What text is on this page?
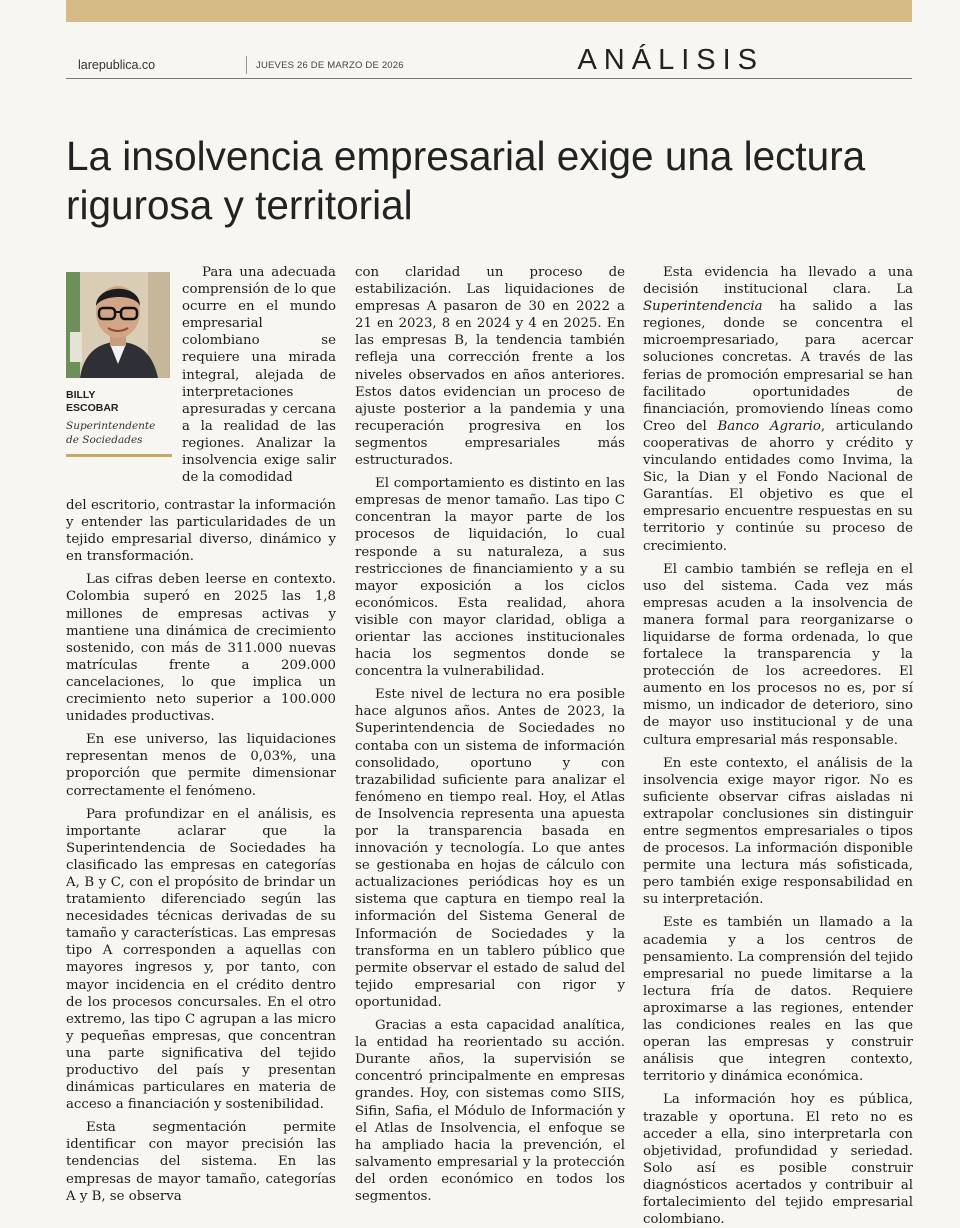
larepublica.co	JUEVES 26 DE MARZO DE 2026	ANÁLISIS
La insolvencia empresarial exige una lectura rigurosa y territorial

BILLY

ESCOBAR

Superintendente
de Sociedades

Para una adecuada comprensión de lo que ocurre en el mundo empresarial colombiano se requiere una mirada integral, alejada de interpretaciones apresuradas y cercana a la realidad de las regiones. Analizar la insolvencia exige salir de la comodidad

del escritorio, contrastar la información y entender las particularidades de un tejido empresarial diverso, dinámico y en transformación.

Las cifras deben leerse en contexto. Colombia superó en 2025 las 1,8 millones de empresas activas y mantiene una dinámica de crecimiento sostenido, con más de 311.000 nuevas matrículas frente a 209.000 cancelaciones, lo que implica un crecimiento neto superior a 100.000 unidades productivas.

En ese universo, las liquidaciones representan menos de 0,03%, una proporción que permite dimensionar correctamente el fenómeno.

Para profundizar en el análisis, es importante aclarar que la Superintendencia de Sociedades ha clasificado las empresas en categorías A, B y C, con el propósito de brindar un tratamiento diferenciado según las necesidades técnicas derivadas de su tamaño y características. Las empresas tipo A corresponden a aquellas con mayores ingresos y, por tanto, con mayor incidencia en el crédito dentro de los procesos concursales. En el otro extremo, las tipo C agrupan a las micro y pequeñas empresas, que concentran una parte significativa del tejido productivo del país y presentan dinámicas particulares en materia de acceso a financiación y sostenibilidad.

Esta segmentación permite identificar con mayor precisión las tendencias del sistema. En las empresas de mayor tamaño, categorías A y B, se observa

con claridad un proceso de estabilización. Las liquidaciones de empresas A pasaron de 30 en 2022 a 21 en 2023, 8 en 2024 y 4 en 2025. En las empresas B, la tendencia también refleja una corrección frente a los niveles observados en años anteriores. Estos datos evidencian un proceso de ajuste posterior a la pandemia y una recuperación progresiva en los segmentos empresariales más estructurados.

El comportamiento es distinto en las empresas de menor tamaño. Las tipo C concentran la mayor parte de los procesos de liquidación, lo cual responde a su naturaleza, a sus restricciones de financiamiento y a su mayor exposición a los ciclos económicos. Esta realidad, ahora visible con mayor claridad, obliga a orientar las acciones institucionales hacia los segmentos donde se concentra la vulnerabilidad.

Este nivel de lectura no era posible hace algunos años. Antes de 2023, la Superintendencia de Sociedades no contaba con un sistema de información consolidado, oportuno y con trazabilidad suficiente para analizar el fenómeno en tiempo real. Hoy, el Atlas de Insolvencia representa una apuesta por la transparencia basada en innovación y tecnología. Lo que antes se gestionaba en hojas de cálculo con actualizaciones periódicas hoy es un sistema que captura en tiempo real la información del Sistema General de Información de Sociedades y la transforma en un tablero público que permite observar el estado de salud del tejido empresarial con rigor y oportunidad.

Gracias a esta capacidad analítica, la entidad ha reorientado su acción. Durante años, la supervisión se concentró principalmente en empresas grandes. Hoy, con sistemas como SIIS, Sifin, Safia, el Módulo de Información y el Atlas de Insolvencia, el enfoque se ha ampliado hacia la prevención, el salvamento empresarial y la protección del orden económico en todos los segmentos.

Esta evidencia ha llevado a una decisión institucional clara. La Superintendencia ha salido a las regiones, donde se concentra el microempresariado, para acercar soluciones concretas. A través de las ferias de promoción empresarial se han facilitado oportunidades de financiación, promoviendo líneas como Creo del Banco Agrario, articulando cooperativas de ahorro y crédito y vinculando entidades como Invima, la Sic, la Dian y el Fondo Nacional de Garantías. El objetivo es que el empresario encuentre respuestas en su territorio y continúe su proceso de crecimiento.

El cambio también se refleja en el uso del sistema. Cada vez más empresas acuden a la insolvencia de manera formal para reorganizarse o liquidarse de forma ordenada, lo que fortalece la transparencia y la protección de los acreedores. El aumento en los procesos no es, por sí mismo, un indicador de deterioro, sino de mayor uso institucional y de una cultura empresarial más responsable.

En este contexto, el análisis de la insolvencia exige mayor rigor. No es suficiente observar cifras aisladas ni extrapolar conclusiones sin distinguir entre segmentos empresariales o tipos de procesos. La información disponible permite una lectura más sofisticada, pero también exige responsabilidad en su interpretación.

Este es también un llamado a la academia y a los centros de pensamiento. La comprensión del tejido empresarial no puede limitarse a la lectura fría de datos. Requiere aproximarse a las regiones, entender las condiciones reales en las que operan las empresas y construir análisis que integren contexto, territorio y dinámica económica.

La información hoy es pública, trazable y oportuna. El reto no es acceder a ella, sino interpretarla con objetividad, profundidad y seriedad. Solo así es posible construir diagnósticos acertados y contribuir al fortalecimiento del tejido empresarial colombiano.
